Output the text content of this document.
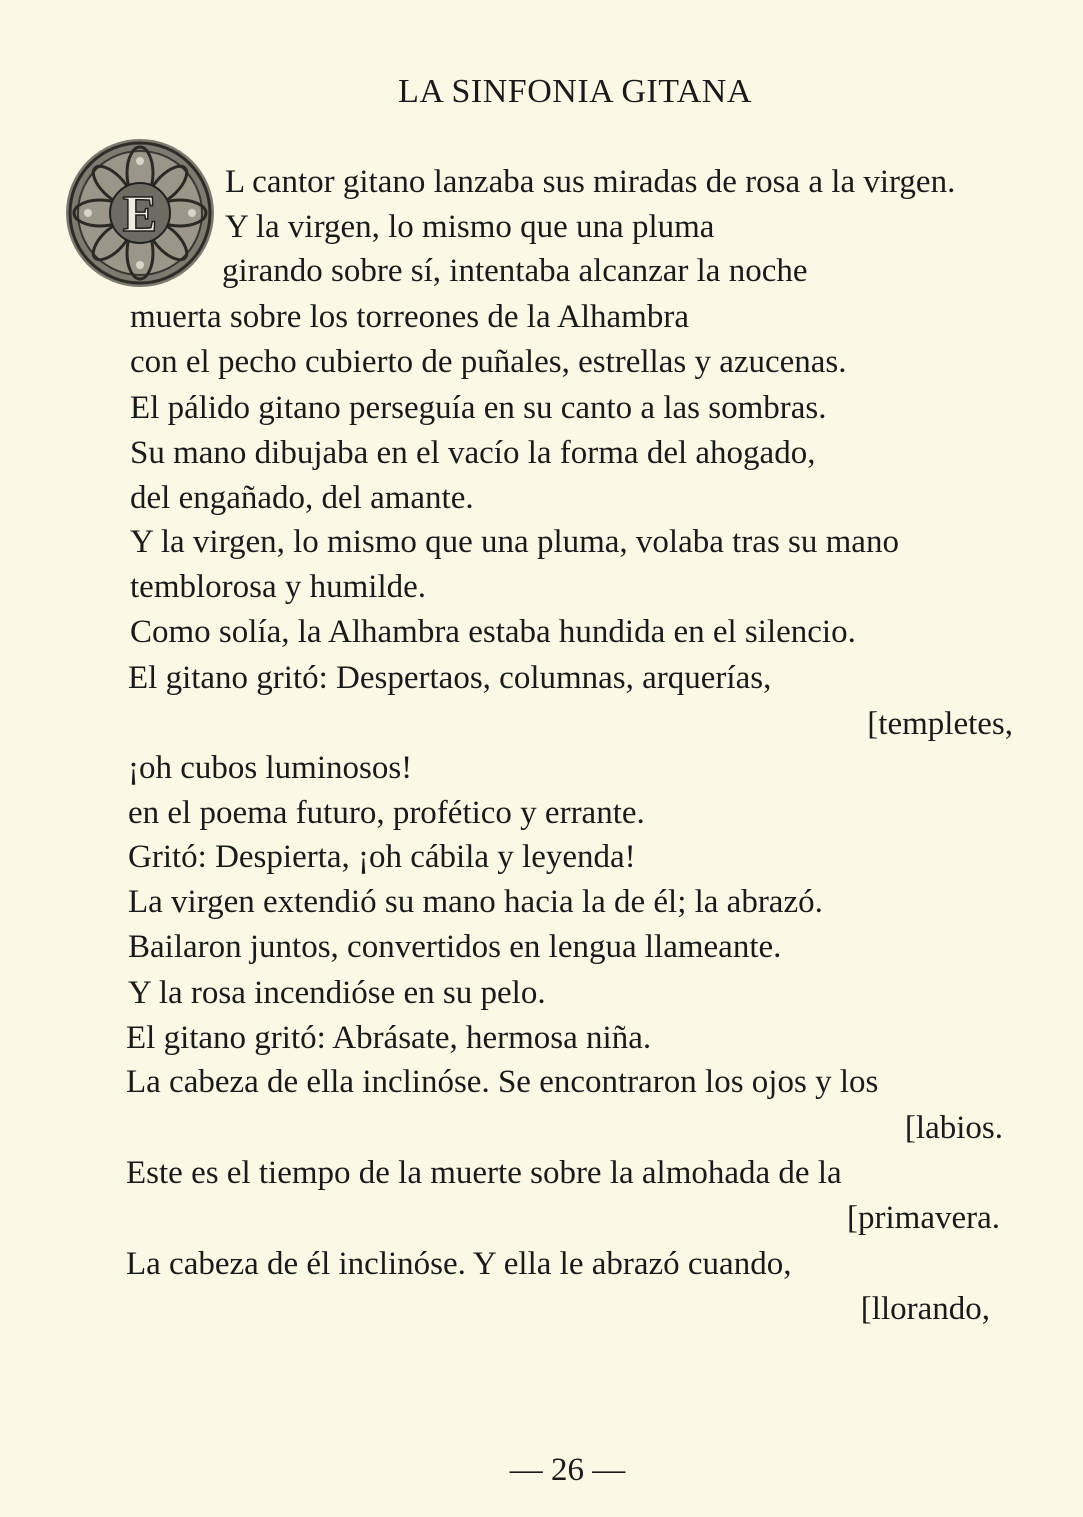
LA SINFONIA GITANA
E
L cantor gitano lanzaba sus miradas de rosa a la virgen.
Y la virgen, lo mismo que una pluma
girando sobre sí, intentaba alcanzar la noche
muerta sobre los torreones de la Alhambra
con el pecho cubierto de puñales, estrellas y azucenas.
El pálido gitano perseguía en su canto a las sombras.
Su mano dibujaba en el vacío la forma del ahogado,
del engañado, del amante.
Y la virgen, lo mismo que una pluma, volaba tras su mano
temblorosa y humilde.
Como solía, la Alhambra estaba hundida en el silencio.
El gitano gritó: Despertaos, columnas, arquerías,
[templetes,
¡oh cubos luminosos!
en el poema futuro, profético y errante.
Gritó: Despierta, ¡oh cábila y leyenda!
La virgen extendió su mano hacia la de él; la abrazó.
Bailaron juntos, convertidos en lengua llameante.
Y la rosa incendióse en su pelo.
El gitano gritó: Abrásate, hermosa niña.
La cabeza de ella inclinóse. Se encontraron los ojos y los
[labios.
Este es el tiempo de la muerte sobre la almohada de la
[primavera.
La cabeza de él inclinóse. Y ella le abrazó cuando,
[llorando,
— 26 —
